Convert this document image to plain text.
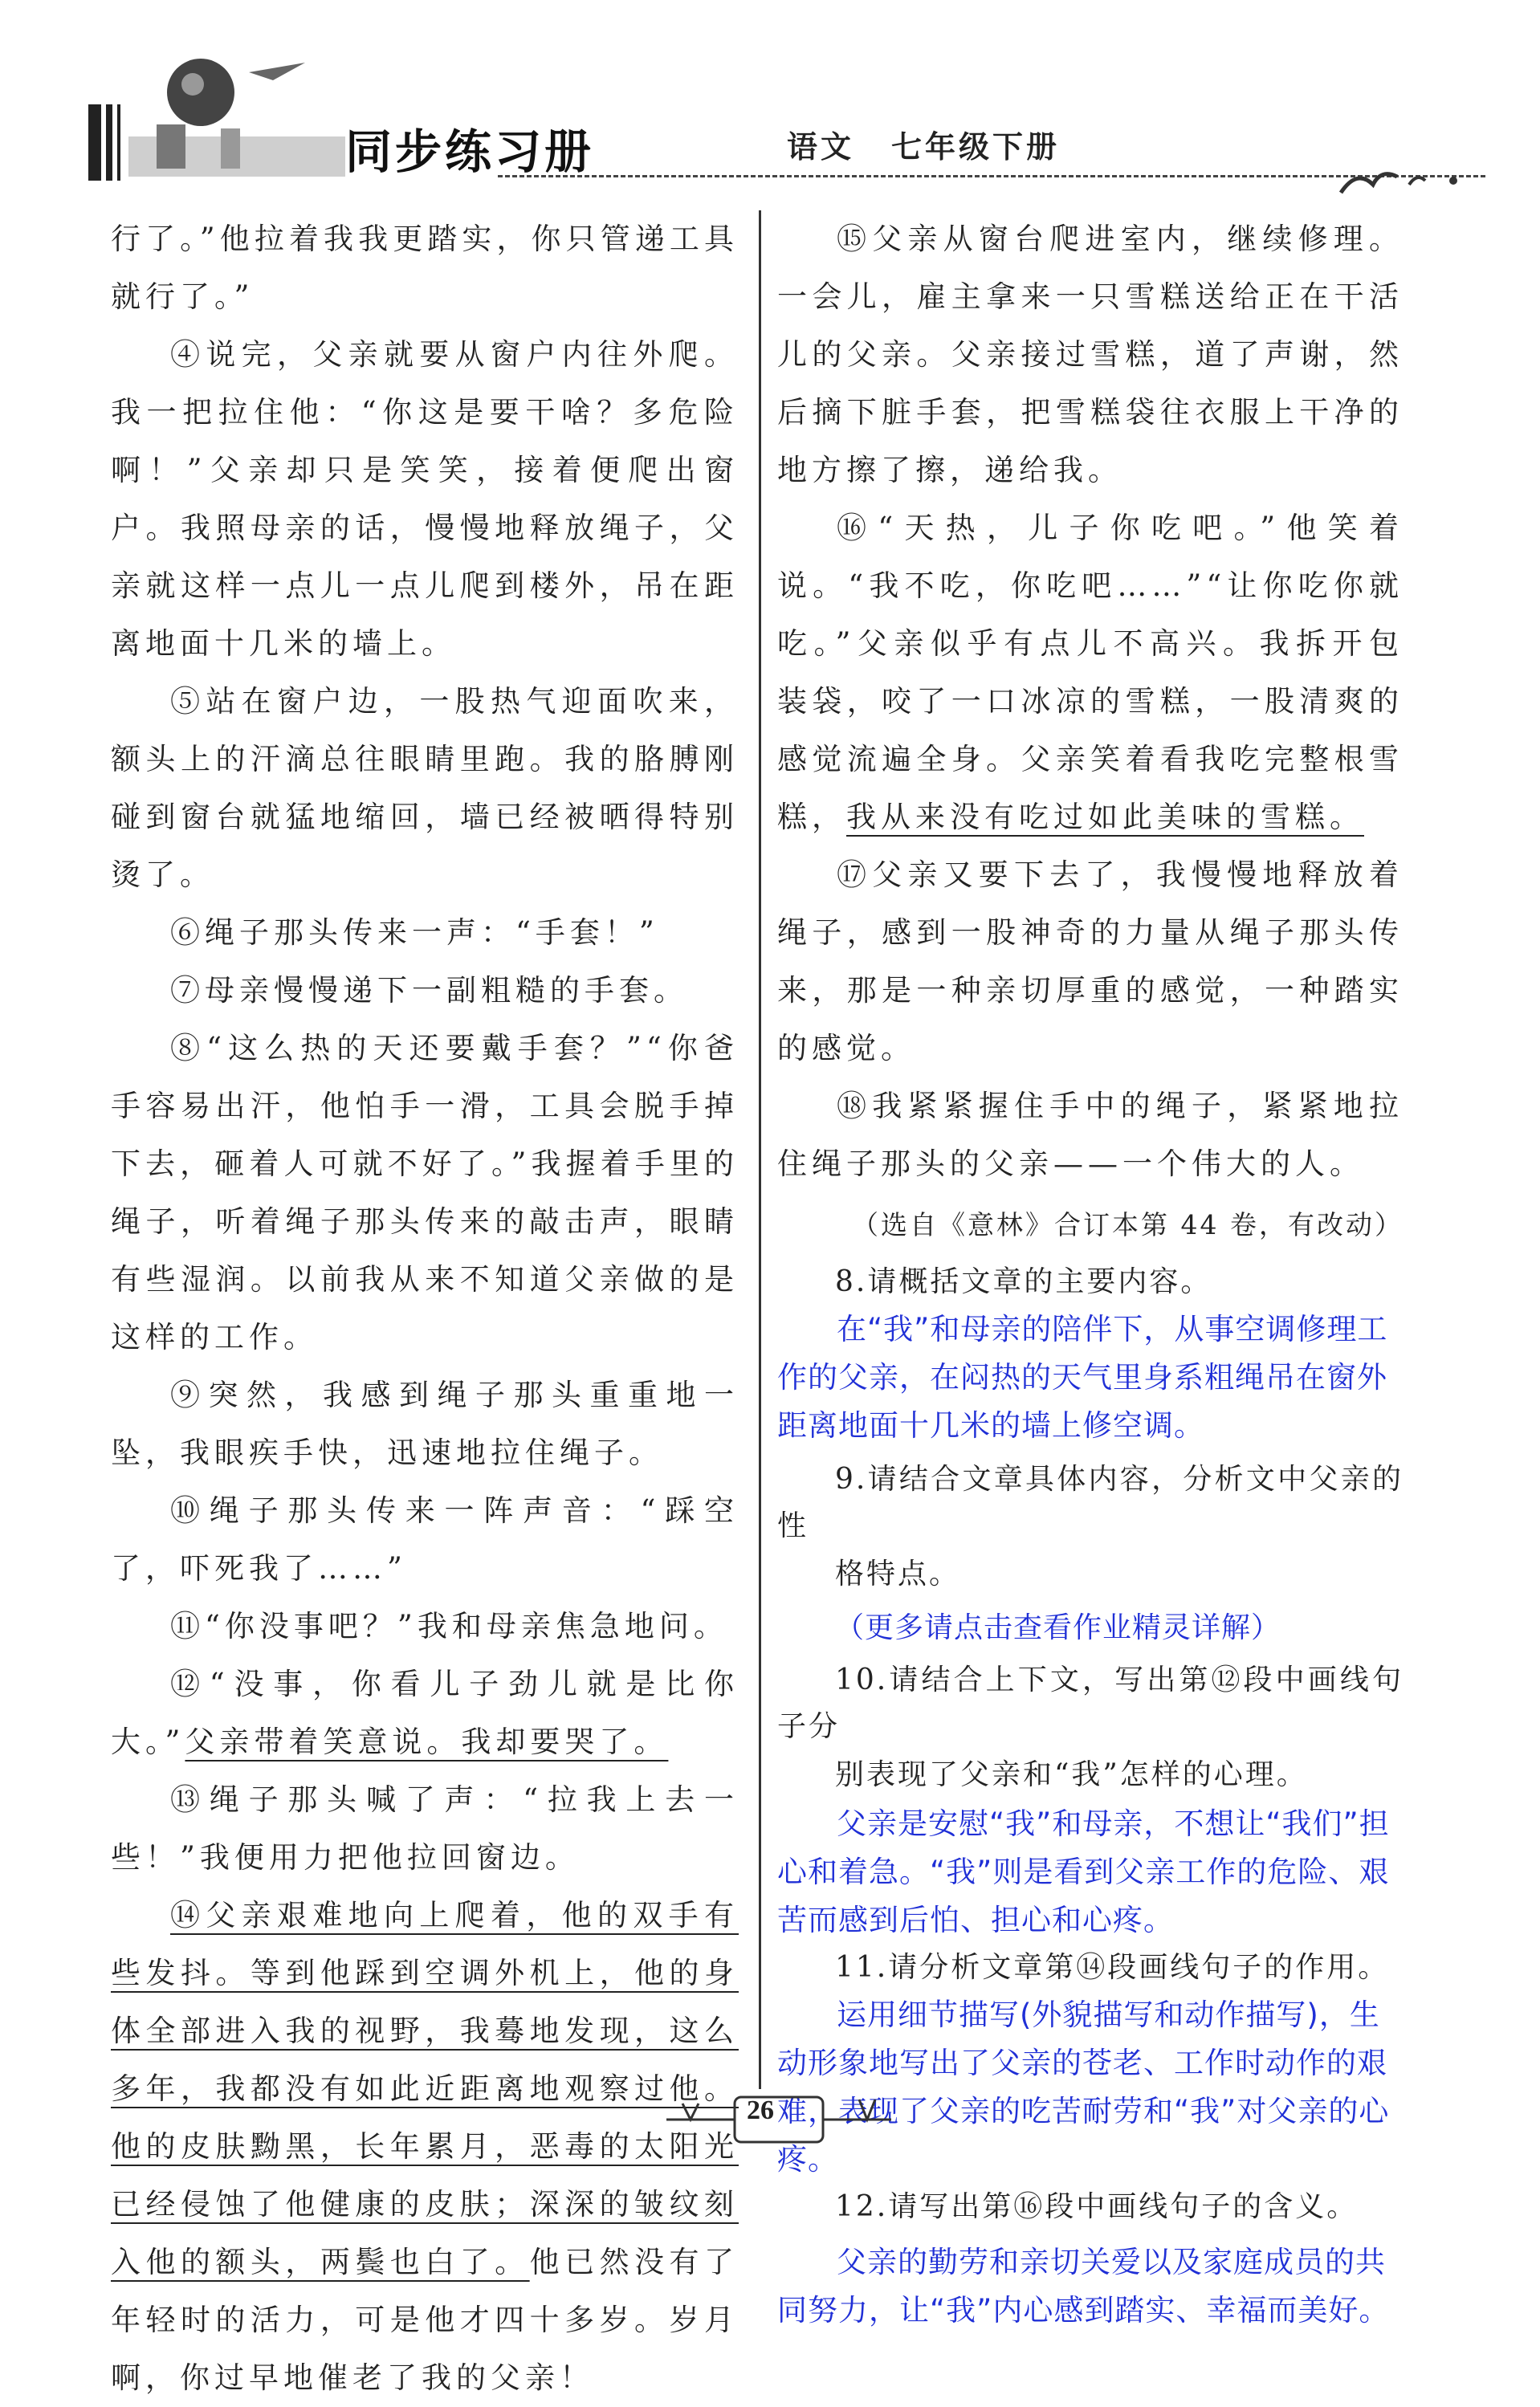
同步练习册	语文 七年级下册

行了。”他拉着我我更踏实，你只管递工具就行了。”

④说完，父亲就要从窗户内往外爬。我一把拉住他：“你这是要干啥？多危险啊！”父亲却只是笑笑，接着便爬出窗户。我照母亲的话，慢慢地释放绳子，父亲就这样一点儿一点儿爬到楼外，吊在距离地面十几米的墙上。

⑤站在窗户边，一股热气迎面吹来，额头上的汗滴总往眼睛里跑。我的胳膊刚碰到窗台就猛地缩回，墙已经被晒得特别烫了。

⑥绳子那头传来一声：“手套！”

⑦母亲慢慢递下一副粗糙的手套。

⑧“这么热的天还要戴手套？”“你爸手容易出汗，他怕手一滑，工具会脱手掉下去，砸着人可就不好了。”我握着手里的绳子，听着绳子那头传来的敲击声，眼睛有些湿润。以前我从来不知道父亲做的是这样的工作。

⑨突然，我感到绳子那头重重地一坠，我眼疾手快，迅速地拉住绳子。

⑩绳子那头传来一阵声音：“踩空了，吓死我了……”

⑪“你没事吧？”我和母亲焦急地问。

⑫“没事，你看儿子劲儿就是比你大。”父亲带着笑意说。我却要哭了。

⑬绳子那头喊了声：“拉我上去一些！”我便用力把他拉回窗边。

⑭父亲艰难地向上爬着，他的双手有些发抖。等到他踩到空调外机上，他的身体全部进入我的视野，我蓦地发现，这么多年，我都没有如此近距离地观察过他。他的皮肤黝黑，长年累月，恶毒的太阳光已经侵蚀了他健康的皮肤；深深的皱纹刻入他的额头，两鬓也白了。他已然没有了年轻时的活力，可是他才四十多岁。岁月啊，你过早地催老了我的父亲！

⑮父亲从窗台爬进室内，继续修理。一会儿，雇主拿来一只雪糕送给正在干活儿的父亲。父亲接过雪糕，道了声谢，然后摘下脏手套，把雪糕袋往衣服上干净的地方擦了擦，递给我。

⑯“天热，儿子你吃吧。”他笑着说。“我不吃，你吃吧……”“让你吃你就吃。”父亲似乎有点儿不高兴。我拆开包装袋，咬了一口冰凉的雪糕，一股清爽的感觉流遍全身。父亲笑着看我吃完整根雪糕，我从来没有吃过如此美味的雪糕。

⑰父亲又要下去了，我慢慢地释放着绳子，感到一股神奇的力量从绳子那头传来，那是一种亲切厚重的感觉，一种踏实的感觉。

⑱我紧紧握住手中的绳子，紧紧地拉住绳子那头的父亲——一个伟大的人。

（选自《意林》合订本第 44 卷，有改动）

8.请概括文章的主要内容。

在“我”和母亲的陪伴下，从事空调修理工作的父亲，在闷热的天气里身系粗绳吊在窗外距离地面十几米的墙上修空调。

9.请结合文章具体内容，分析文中父亲的性

格特点。

（更多请点击查看作业精灵详解）

10.请结合上下文，写出第⑫段中画线句子分

别表现了父亲和“我”怎样的心理。

父亲是安慰“我”和母亲，不想让“我们”担心和着急。“我”则是看到父亲工作的危险、艰苦而感到后怕、担心和心疼。

11.请分析文章第⑭段画线句子的作用。

运用细节描写(外貌描写和动作描写)，生动形象地写出了父亲的苍老、工作时动作的艰难，表现了父亲的吃苦耐劳和“我”对父亲的心疼。

12.请写出第⑯段中画线句子的含义。

父亲的勤劳和亲切关爱以及家庭成员的共同努力，让“我”内心感到踏实、幸福而美好。

26
